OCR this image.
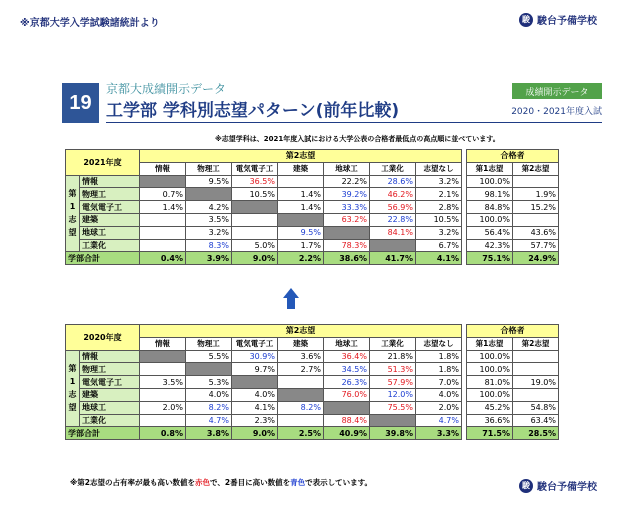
※京都大学入学試験諸統計より	駿 駿台予備学校
19
京都大成績開示データ
工学部 学科別志望パターン(前年比較)
成績開示データ
2020・2021年度入試
※志望学科は、2021年度入試における大学公表の合格者最低点の高点順に並べています。
2021年度		第2志望								合格者	
		情報	物理工	電気電子工	建築	地球工	工業化	志望なし		第1志望	第2志望

第
1
志
望	情報		9.5%	36.5%		22.2%	28.6%	3.2%		100.0%	
	物理工	0.7%		10.5%	1.4%	39.2%	46.2%	2.1%		98.1%	1.9%
	電気電子工	1.4%	4.2%		1.4%	33.3%	56.9%	2.8%		84.8%	15.2%
	建築		3.5%			63.2%	22.8%	10.5%		100.0%	
	地球工		3.2%		9.5%		84.1%	3.2%		56.4%	43.6%
	工業化		8.3%	5.0%	1.7%	78.3%		6.7%		42.3%	57.7%
学部合計		0.4%	3.9%	9.0%	2.2%	38.6%	41.7%	4.1%		75.1%	24.9%
2020年度		第2志望								合格者	
		情報	物理工	電気電子工	建築	地球工	工業化	志望なし		第1志望	第2志望

第
1
志
望	情報		5.5%	30.9%	3.6%	36.4%	21.8%	1.8%		100.0%	
	物理工			9.7%	2.7%	34.5%	51.3%	1.8%		100.0%	
	電気電子工	3.5%	5.3%			26.3%	57.9%	7.0%		81.0%	19.0%
	建築		4.0%	4.0%		76.0%	12.0%	4.0%		100.0%	
	地球工	2.0%	8.2%	4.1%	8.2%		75.5%	2.0%		45.2%	54.8%
	工業化		4.7%	2.3%		88.4%		4.7%		36.6%	63.4%
学部合計		0.8%	3.8%	9.0%	2.5%	40.9%	39.8%	3.3%		71.5%	28.5%
※第2志望の占有率が最も高い数値を赤色で、2番目に高い数値を青色で表示しています。	駿 駿台予備学校
